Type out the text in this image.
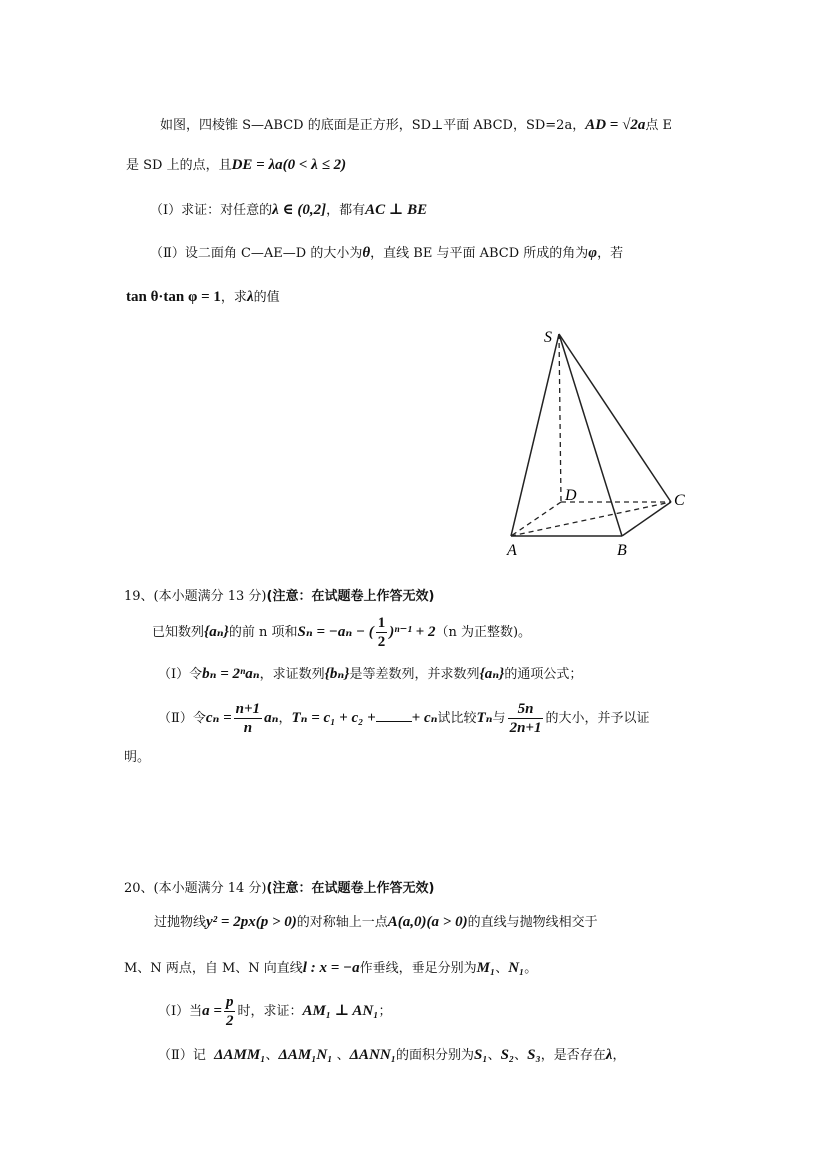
如图，四棱锥 S—ABCD 的底面是正方形，SD⊥平面 ABCD，SD=2a，AD = √2a点 E
是 SD 上的点，且DE = λa(0 < λ ≤ 2)
（Ⅰ）求证：对任意的λ ∈ (0,2]，都有AC ⊥ BE
（Ⅱ）设二面角 C—AE—D 的大小为θ，直线 BE 与平面 ABCD 所成的角为φ，若
tan θ·tan φ = 1，求λ的值
S
D	C
A	B
19、(本小题满分 13 分)(注意：在试题卷上作答无效)
已知数列{aₙ}的前 n 项和Sₙ = −aₙ − ( $\frac{1}{2} )^{n-1} + 2(n$ 为正整数)。
（Ⅰ）令bₙ = 2ⁿaₙ，求证数列{bₙ}是等差数列，并求数列{aₙ}的通项公式；
（Ⅱ）令$c_n = \frac{n+1}{n}$ aₙ，Tₙ = c₁ + c₂ + + cₙ试比较Tₙ与 $\frac{5n}{2n+1}$ 的大小，并予以证
明。
20、(本小题满分 14 分)(注意：在试题卷上作答无效)
过抛物线y² = 2px(p > 0)的对称轴上一点A(a,0)(a > 0)的直线与抛物线相交于
M、N 两点，自 M、N 向直线l : x = −a作垂线，垂足分别为M₁、N₁。
（Ⅰ）当$a = \frac{p}{2}$ 时，求证：AM₁ ⊥ AN₁；
（Ⅱ）记 ΔAMM₁、ΔAM₁N₁ 、ΔANN₁的面积分别为S₁、S₂、S₃，是否存在λ，
